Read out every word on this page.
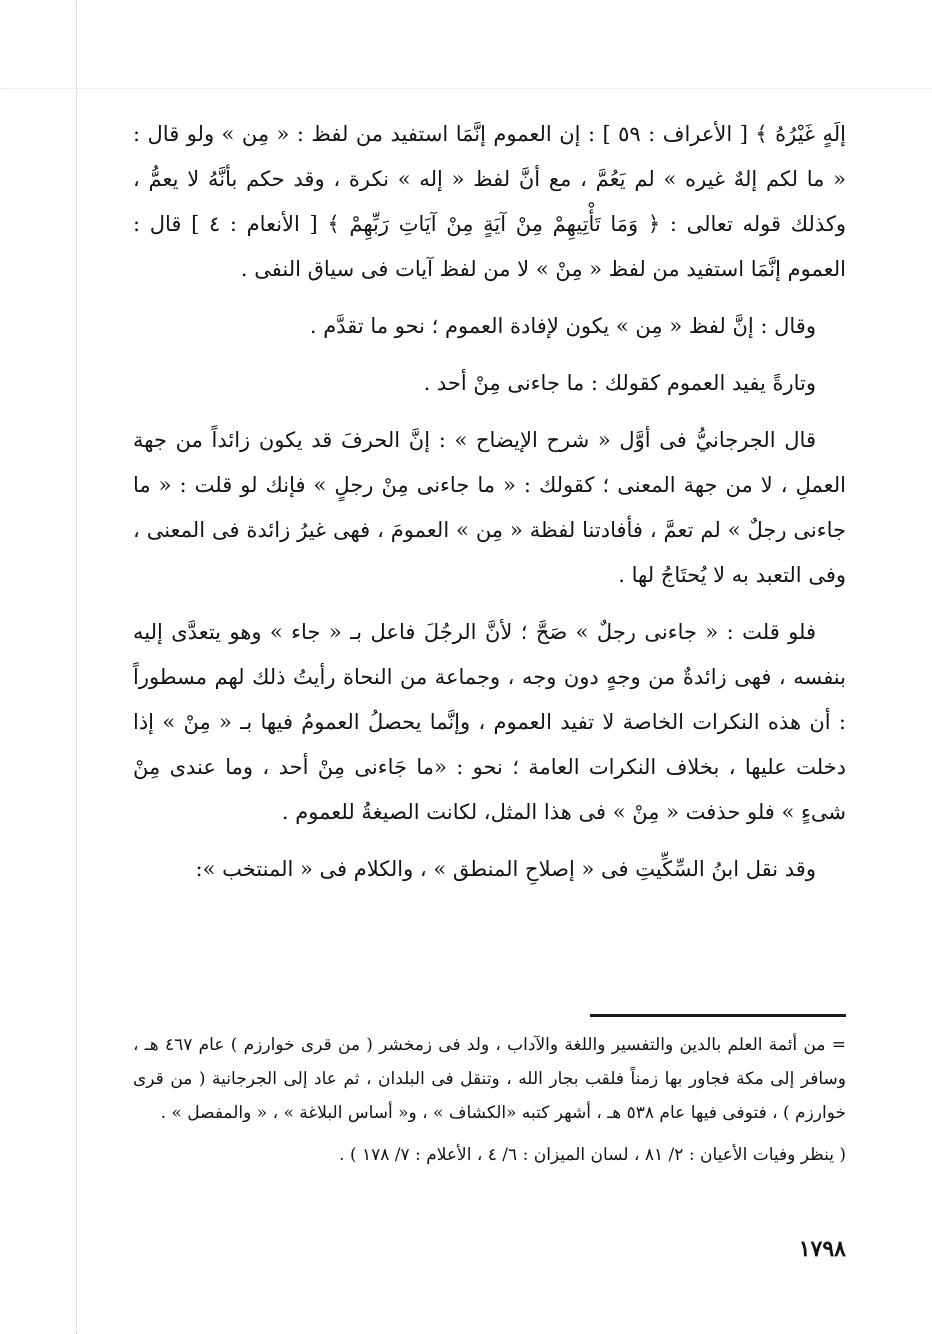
إلَهٍ غَيْرُهُ ﴾ [ الأعراف : ٥٩ ] : إن العموم إنَّمَا استفيد من لفظ : « مِن » ولو قال : « ما لكم إلهٌ غيره » لم يَعُمَّ ، مع أنَّ لفظ « إله » نكرة ، وقد حكم بأنَّهُ لا يعمُّ ، وكذلك قوله تعالى : ﴿ وَمَا تَأْتِيهِمْ مِنْ آيَةٍ مِنْ آيَاتِ رَبِّهِمْ ﴾ [ الأنعام : ٤ ] قال : العموم إنَّمَا استفيد من لفظ « مِنْ » لا من لفظ آيات فى سياق النفى .

وقال : إنَّ لفظ « مِن » يكون لإفادة العموم ؛ نحو ما تقدَّم .

وتارةً يفيد العموم كقولك : ما جاءنى مِنْ أحد .

قال الجرجانيُّ فى أوَّل « شرح الإيضاح » : إنَّ الحرفَ قد يكون زائداً من جهة العملِ ، لا من جهة المعنى ؛ كقولك : « ما جاءنى مِنْ رجلٍ » فإنك لو قلت : « ما جاءنى رجلٌ » لم تعمَّ ، فأفادتنا لفظة « مِن » العمومَ ، فهى غيرُ زائدة فى المعنى ، وفى التعبد به لا يُحتَاجُ لها .

فلو قلت : « جاءنى رجلٌ » صَحَّ ؛ لأنَّ الرجُلَ فاعل بـ « جاء » وهو يتعدَّى إليه بنفسه ، فهى زائدةٌ من وجهٍ دون وجه ، وجماعة من النحاة رأيتُ ذلك لهم مسطوراً : أن هذه النكرات الخاصة لا تفيد العموم ، وإنَّما يحصلُ العمومُ فيها بـ « مِنْ » إذا دخلت عليها ، بخلاف النكرات العامة ؛ نحو : «ما جَاءنى مِنْ أحد ، وما عندى مِنْ شىءٍ » فلو حذفت « مِنْ » فى هذا المثل، لكانت الصيغةُ للعموم .

وقد نقل ابنُ السِّكِّيتِ فى « إصلاحِ المنطق » ، والكلام فى « المنتخب »:

= من أئمة العلم بالدين والتفسير واللغة والآداب ، ولد فى زمخشر ( من قرى خوارزم ) عام ٤٦٧ هـ ، وسافر إلى مكة فجاور بها زمناً فلقب بجار الله ، وتنقل فى البلدان ، ثم عاد إلى الجرجانية ( من قرى خوارزم ) ، فتوفى فيها عام ٥٣٨ هـ ، أشهر كتبه «الكشاف » ، و« أساس البلاغة » ، « والمفصل » .

( ينظر وفيات الأعيان : ٢/ ٨١ ، لسان الميزان : ٦/ ٤ ، الأعلام : ٧/ ١٧٨ ) .

١٧٩٨
